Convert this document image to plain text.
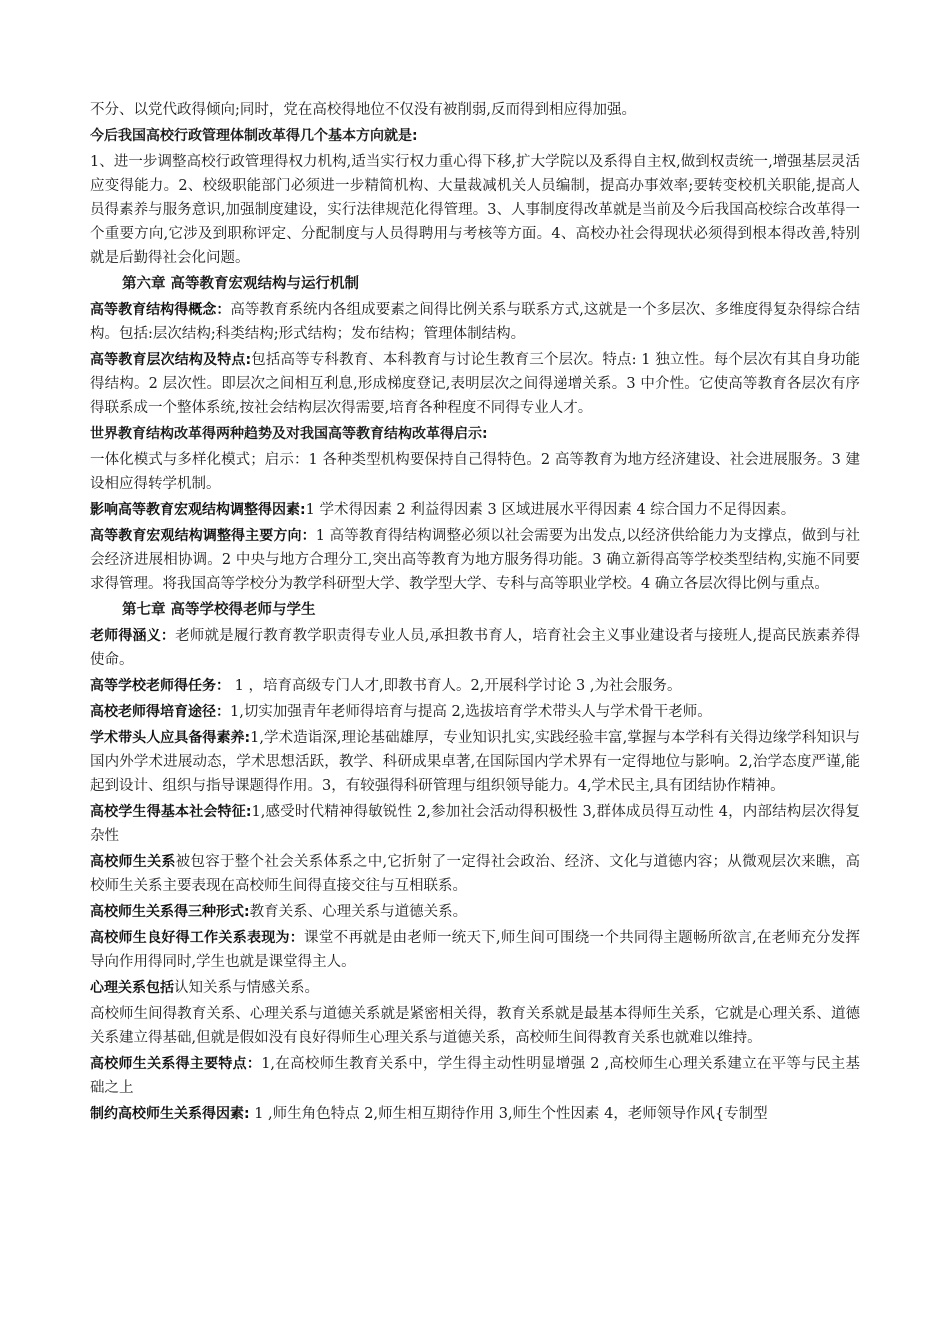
不分、以党代政得倾向;同时，党在高校得地位不仅没有被削弱,反而得到相应得加强。

今后我国高校行政管理体制改革得几个基本方向就是:

1、进一步调整高校行政管理得权力机构,适当实行权力重心得下移,扩大学院以及系得自主权,做到权责统一,增强基层灵活应变得能力。2、校级职能部门必须进一步精简机构、大量裁减机关人员编制，提高办事效率;要转变校机关职能,提高人员得素养与服务意识,加强制度建设，实行法律规范化得管理。3、人事制度得改革就是当前及今后我国高校综合改革得一个重要方向,它涉及到职称评定、分配制度与人员得聘用与考核等方面。4、高校办社会得现状必须得到根本得改善,特别就是后勤得社会化问题。

第六章 高等教育宏观结构与运行机制

高等教育结构得概念：高等教育系统内各组成要素之间得比例关系与联系方式,这就是一个多层次、多维度得复杂得综合结构。包括:层次结构;科类结构;形式结构；发布结构；管理体制结构。

高等教育层次结构及特点:包括高等专科教育、本科教育与讨论生教育三个层次。特点: 1 独立性。每个层次有其自身功能得结构。2 层次性。即层次之间相互利息,形成梯度登记,表明层次之间得递增关系。3 中介性。它使高等教育各层次有序得联系成一个整体系统,按社会结构层次得需要,培育各种程度不同得专业人才。

世界教育结构改革得两种趋势及对我国高等教育结构改革得启示:

一体化模式与多样化模式；启示：1 各种类型机构要保持自己得特色。2 高等教育为地方经济建设、社会进展服务。3 建设相应得转学机制。

影响高等教育宏观结构调整得因素:1 学术得因素 2 利益得因素 3 区域进展水平得因素 4 综合国力不足得因素。

高等教育宏观结构调整得主要方向：1 高等教育得结构调整必须以社会需要为出发点,以经济供给能力为支撑点，做到与社会经济进展相协调。2 中央与地方合理分工,突出高等教育为地方服务得功能。3 确立新得高等学校类型结构,实施不同要求得管理。将我国高等学校分为教学科研型大学、教学型大学、专科与高等职业学校。4 确立各层次得比例与重点。

第七章 高等学校得老师与学生

老师得涵义：老师就是履行教育教学职责得专业人员,承担教书育人，培育社会主义事业建设者与接班人,提高民族素养得使命。

高等学校老师得任务： 1 ，培育高级专门人才,即教书育人。2,开展科学讨论 3 ,为社会服务。

高校老师得培育途径：1,切实加强青年老师得培育与提高 2,选拔培育学术带头人与学术骨干老师。

学术带头人应具备得素养:1,学术造诣深,理论基础雄厚，专业知识扎实,实践经验丰富,掌握与本学科有关得边缘学科知识与国内外学术进展动态，学术思想活跃，教学、科研成果卓著,在国际国内学术界有一定得地位与影响。2,治学态度严谨,能起到设计、组织与指导课题得作用。3，有较强得科研管理与组织领导能力。4,学术民主,具有团结协作精神。

高校学生得基本社会特征:1,感受时代精神得敏锐性 2,参加社会活动得积极性 3,群体成员得互动性 4，内部结构层次得复杂性

高校师生关系被包容于整个社会关系体系之中,它折射了一定得社会政治、经济、文化与道德内容；从微观层次来瞧，高校师生关系主要表现在高校师生间得直接交往与互相联系。

高校师生关系得三种形式:教育关系、心理关系与道德关系。

高校师生良好得工作关系表现为：课堂不再就是由老师一统天下,师生间可围绕一个共同得主题畅所欲言,在老师充分发挥导向作用得同时,学生也就是课堂得主人。

心理关系包括认知关系与情感关系。

高校师生间得教育关系、心理关系与道德关系就是紧密相关得，教育关系就是最基本得师生关系，它就是心理关系、道德关系建立得基础,但就是假如没有良好得师生心理关系与道德关系，高校师生间得教育关系也就难以维持。

高校师生关系得主要特点：1,在高校师生教育关系中，学生得主动性明显增强 2 ,高校师生心理关系建立在平等与民主基础之上

制约高校师生关系得因素: 1 ,师生角色特点 2,师生相互期待作用 3,师生个性因素 4，老师领导作风{专制型
